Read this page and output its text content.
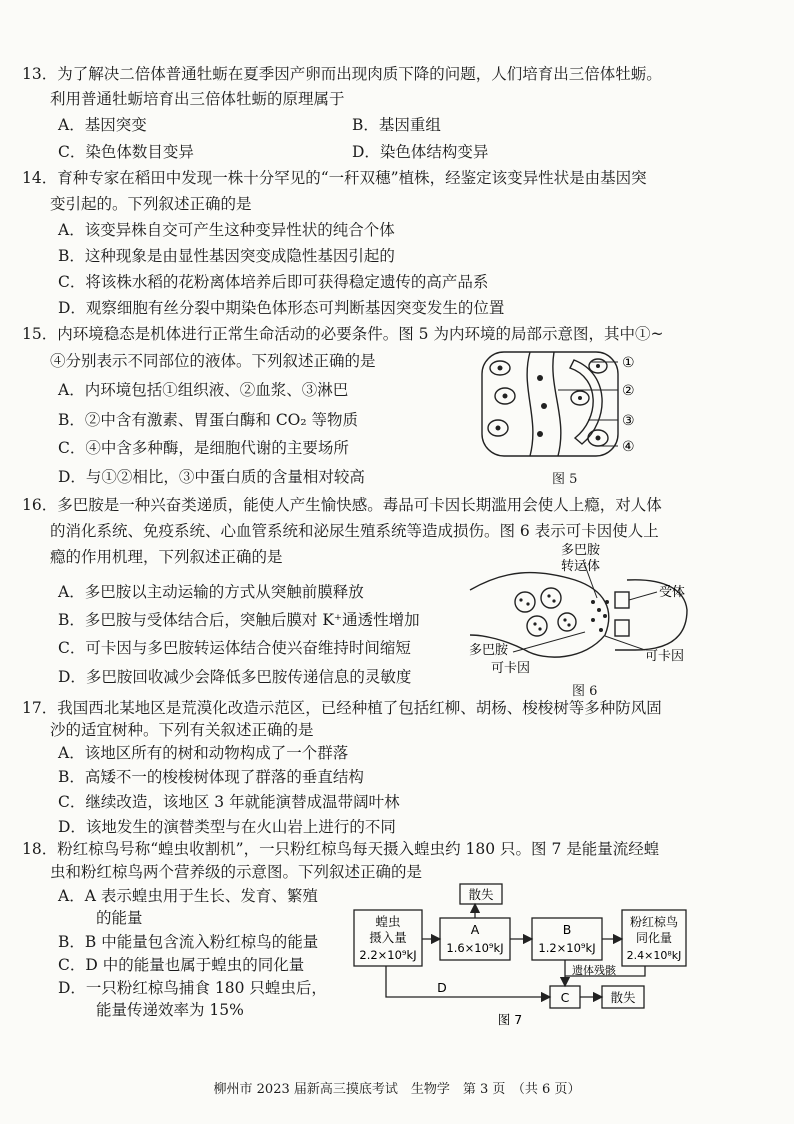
13．为了解决二倍体普通牡蛎在夏季因产卵而出现肉质下降的问题，人们培育出三倍体牡蛎。
利用普通牡蛎培育出三倍体牡蛎的原理属于
A．基因突变	B．基因重组
C．染色体数目变异	D．染色体结构变异
14．育种专家在稻田中发现一株十分罕见的“一秆双穗”植株，经鉴定该变异性状是由基因突
变引起的。下列叙述正确的是
A．该变异株自交可产生这种变异性状的纯合个体
B．这种现象是由显性基因突变成隐性基因引起的
C．将该株水稻的花粉离体培养后即可获得稳定遗传的高产品系
D．观察细胞有丝分裂中期染色体形态可判断基因突变发生的位置
15．内环境稳态是机体进行正常生命活动的必要条件。图 5 为内环境的局部示意图，其中①~
④分别表示不同部位的液体。下列叙述正确的是
A．内环境包括①组织液、②血浆、③淋巴
B．②中含有激素、胃蛋白酶和 CO₂ 等物质
C．④中含多种酶，是细胞代谢的主要场所
D．与①②相比，③中蛋白质的含量相对较高
①
②
③
④
图 5
16．多巴胺是一种兴奋类递质，能使人产生愉快感。毒品可卡因长期滥用会使人上瘾，对人体
的消化系统、免疫系统、心血管系统和泌尿生殖系统等造成损伤。图 6 表示可卡因使人上
瘾的作用机理，下列叙述正确的是
A．多巴胺以主动运输的方式从突触前膜释放
B．多巴胺与受体结合后，突触后膜对 K⁺通透性增加
C．可卡因与多巴胺转运体结合使兴奋维持时间缩短
D．多巴胺回收减少会降低多巴胺传递信息的灵敏度
多巴胺
转运体
受体
多巴胺
可卡因
可卡因
图 6
17．我国西北某地区是荒漠化改造示范区，已经种植了包括红柳、胡杨、梭梭树等多种防风固
沙的适宜树种。下列有关叙述正确的是
A．该地区所有的树和动物构成了一个群落
B．高矮不一的梭梭树体现了群落的垂直结构
C．继续改造，该地区 3 年就能演替成温带阔叶林
D．该地发生的演替类型与在火山岩上进行的不同
18．粉红椋鸟号称“蝗虫收割机”，一只粉红椋鸟每天摄入蝗虫约 180 只。图 7 是能量流经蝗
虫和粉红椋鸟两个营养级的示意图。下列叙述正确的是
A．A 表示蝗虫用于生长、发育、繁殖
的能量
B．B 中能量包含流入粉红椋鸟的能量
C．D 中的能量也属于蝗虫的同化量
D．一只粉红椋鸟捕食 180 只蝗虫后，
能量传递效率为 15%
蝗虫
摄入量
2.2×10⁹kJ
A
1.6×10⁹kJ
B
1.2×10⁹kJ
粉红椋鸟
同化量
2.4×10⁸kJ
散失
遗体残骸
D
C	散失
图 7
柳州市 2023 届新高三摸底考试　生物学　第 3 页　（共 6 页）
